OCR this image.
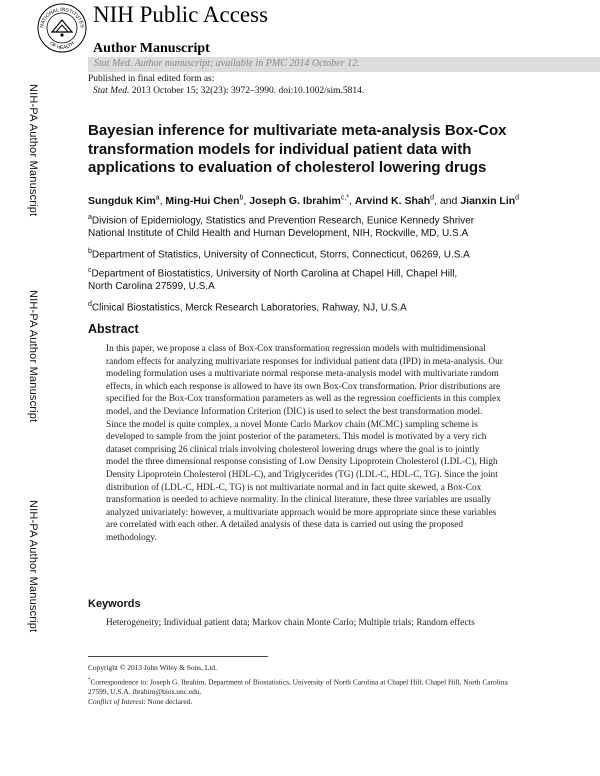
NATIONAL INSTITUTES
OF HEALTH
NIH Public Access
Author Manuscript
Stat Med. Author manuscript; available in PMC 2014 October 12.
Published in final edited form as:
Stat Med. 2013 October 15; 32(23): 3972–3990. doi:10.1002/sim.5814.
NIH-PA Author Manuscript
NIH-PA Author Manuscript
NIH-PA Author Manuscript
Bayesian inference for multivariate meta-analysis Box-Cox transformation models for individual patient data with applications to evaluation of cholesterol lowering drugs
Sungduk Kim$^a$, Ming-Hui Chen$^b$, Joseph G. Ibrahim$^{c,*}$, Arvind K. Shah$^d$, and Jianxin Lin$^d$
$^a$Division of Epidemiology, Statistics and Prevention Research, Eunice Kennedy Shriver National Institute of Child Health and Human Development, NIH, Rockville, MD, U.S.A
$^b$Department of Statistics, University of Connecticut, Storrs, Connecticut, 06269, U.S.A
$^c$Department of Biostatistics, University of North Carolina at Chapel Hill, Chapel Hill, North Carolina 27599, U.S.A
$^d$Clinical Biostatistics, Merck Research Laboratories, Rahway, NJ, U.S.A
Abstract
In this paper, we propose a class of Box-Cox transformation regression models with multidimensional random effects for analyzing multivariate responses for individual patient data (IPD) in meta-analysis. Our modeling formulation uses a multivariate normal response meta-analysis model with multivariate random effects, in which each response is allowed to have its own Box-Cox transformation. Prior distributions are specified for the Box-Cox transformation parameters as well as the regression coefficients in this complex model, and the Deviance Information Criterion (DIC) is used to select the best transformation model. Since the model is quite complex, a novel Monte Carlo Markov chain (MCMC) sampling scheme is developed to sample from the joint posterior of the parameters. This model is motivated by a very rich dataset comprising 26 clinical trials involving cholesterol lowering drugs where the goal is to jointly model the three dimensional response consisting of Low Density Lipoprotein Cholesterol (LDL-C), High Density Lipoprotein Cholesterol (HDL-C), and Triglycerides (TG) (LDL-C, HDL-C, TG). Since the joint distribution of (LDL-C, HDL-C, TG) is not multivariate normal and in fact quite skewed, a Box-Cox transformation is needed to achieve normality. In the clinical literature, these three variables are usually analyzed univariately: however, a multivariate approach would be more appropriate since these variables are correlated with each other. A detailed analysis of these data is carried out using the proposed methodology.
Keywords
Heterogeneity; Individual patient data; Markov chain Monte Carlo; Multiple trials; Random effects
Copyright © 2013 John Wiley & Sons, Ltd.
*Correspondence to: Joseph G. Ibrahim, Department of Biostatistics, University of North Carolina at Chapel Hill, Chapel Hill, North Carolina 27599, U.S.A. ibrahim@bios.unc.edu.
Conflict of Interest: None declared.
